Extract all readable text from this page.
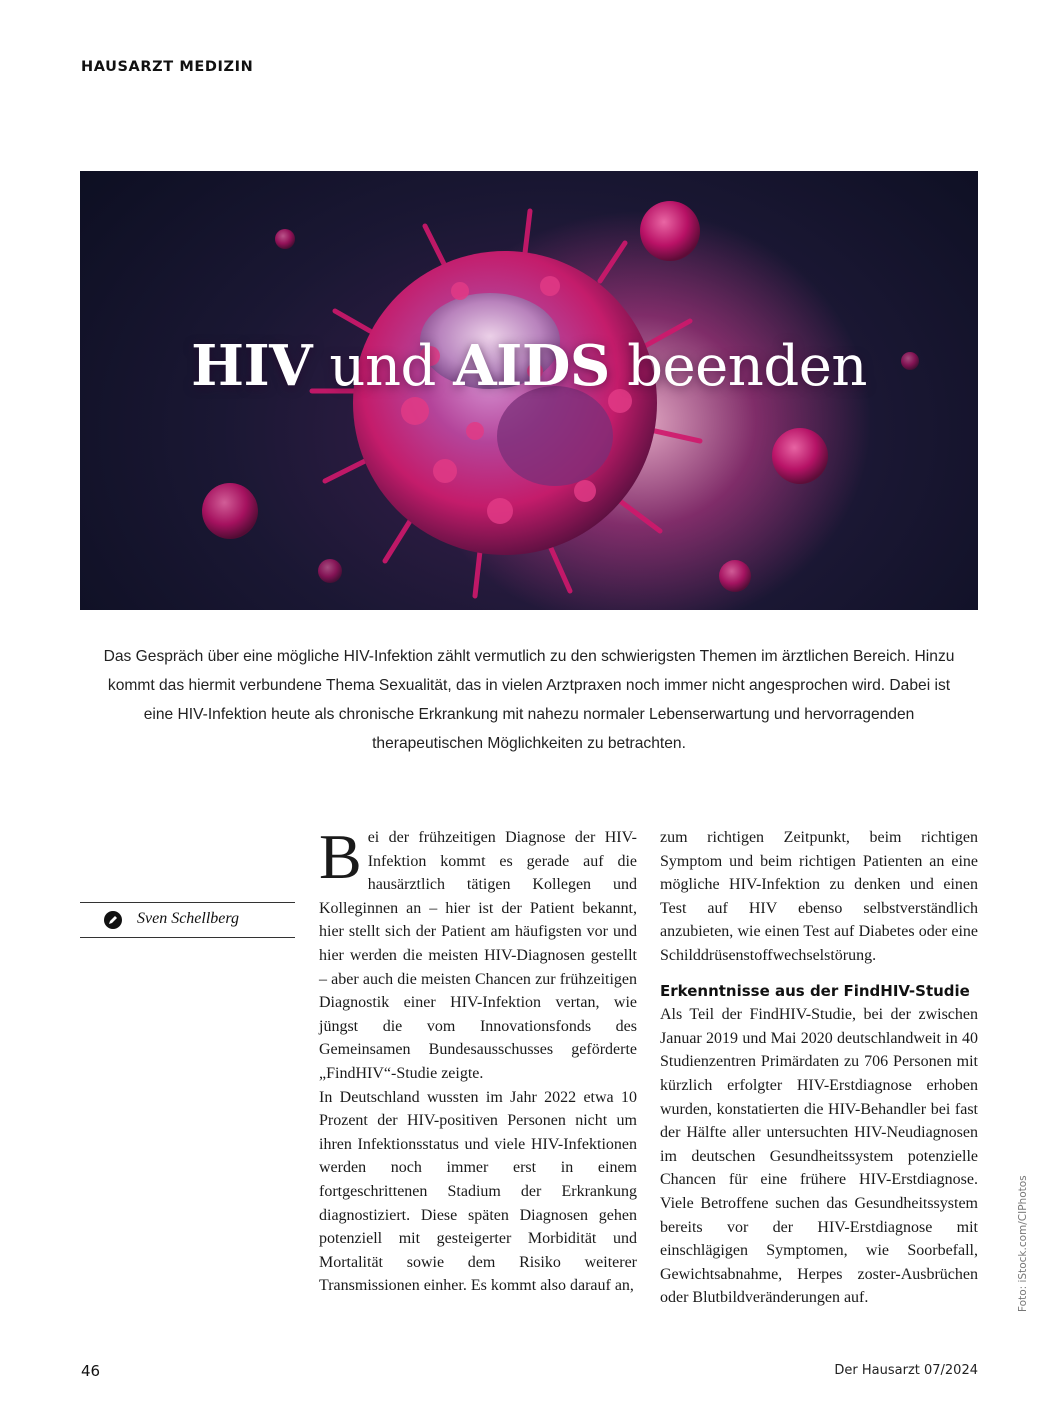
HAUSARZT MEDIZIN
HIV und AIDS beenden
Das Gespräch über eine mögliche HIV-Infektion zählt vermutlich zu den schwierigsten Themen im ärztlichen Bereich. Hinzu kommt das hiermit verbundene Thema Sexualität, das in vielen Arztpraxen noch immer nicht angesprochen wird. Dabei ist eine HIV-Infektion heute als chronische Erkrankung mit nahezu normaler Lebenserwartung und hervorragenden therapeutischen Möglichkeiten zu betrachten.
Sven Schellberg
B ei der frühzeitigen Diagnose der HIV-Infektion kommt es gerade auf die hausärztlich tätigen Kollegen und Kolleginnen an – hier ist der Patient bekannt, hier stellt sich der Patient am häufigsten vor und hier werden die meisten HIV-Diagnosen gestellt – aber auch die meisten Chancen zur frühzeitigen Diagnostik einer HIV-Infektion vertan, wie jüngst die vom Innovationsfonds des Gemeinsamen Bundesausschusses geförderte „FindHIV“-Studie zeigte.

In Deutschland wussten im Jahr 2022 etwa 10 Prozent der HIV-positiven Personen nicht um ihren Infektionsstatus und viele HIV-Infektionen werden noch immer erst in einem fortgeschrittenen Stadium der Erkrankung diagnostiziert. Diese späten Diagnosen gehen potenziell mit gesteigerter Morbidität und Mortalität sowie dem Risiko weiterer Transmissionen einher. Es kommt also darauf an,

zum richtigen Zeitpunkt, beim richtigen Symptom und beim richtigen Patienten an eine mögliche HIV-Infektion zu denken und einen Test auf HIV ebenso selbstverständlich anzubieten, wie einen Test auf Diabetes oder eine Schilddrüsenstoffwechselstörung.

Erkenntnisse aus der FindHIV-Studie

Als Teil der FindHIV-Studie, bei der zwischen Januar 2019 und Mai 2020 deutschlandweit in 40 Studienzentren Primärdaten zu 706 Personen mit kürzlich erfolgter HIV-Erstdiagnose erhoben wurden, konstatierten die HIV-Behandler bei fast der Hälfte aller untersuchten HIV-Neudiagnosen im deutschen Gesundheitssystem potenzielle Chancen für eine frühere HIV-Erstdiagnose. Viele Betroffene suchen das Gesundheitssystem bereits vor der HIV-Erstdiagnose mit einschlägigen Symptomen, wie Soorbefall, Gewichtsabnahme, Herpes zoster-Ausbrüchen oder Blutbildveränderungen auf.	Foto: iStock.com/CIPhotos
46	Der Hausarzt 07/2024
